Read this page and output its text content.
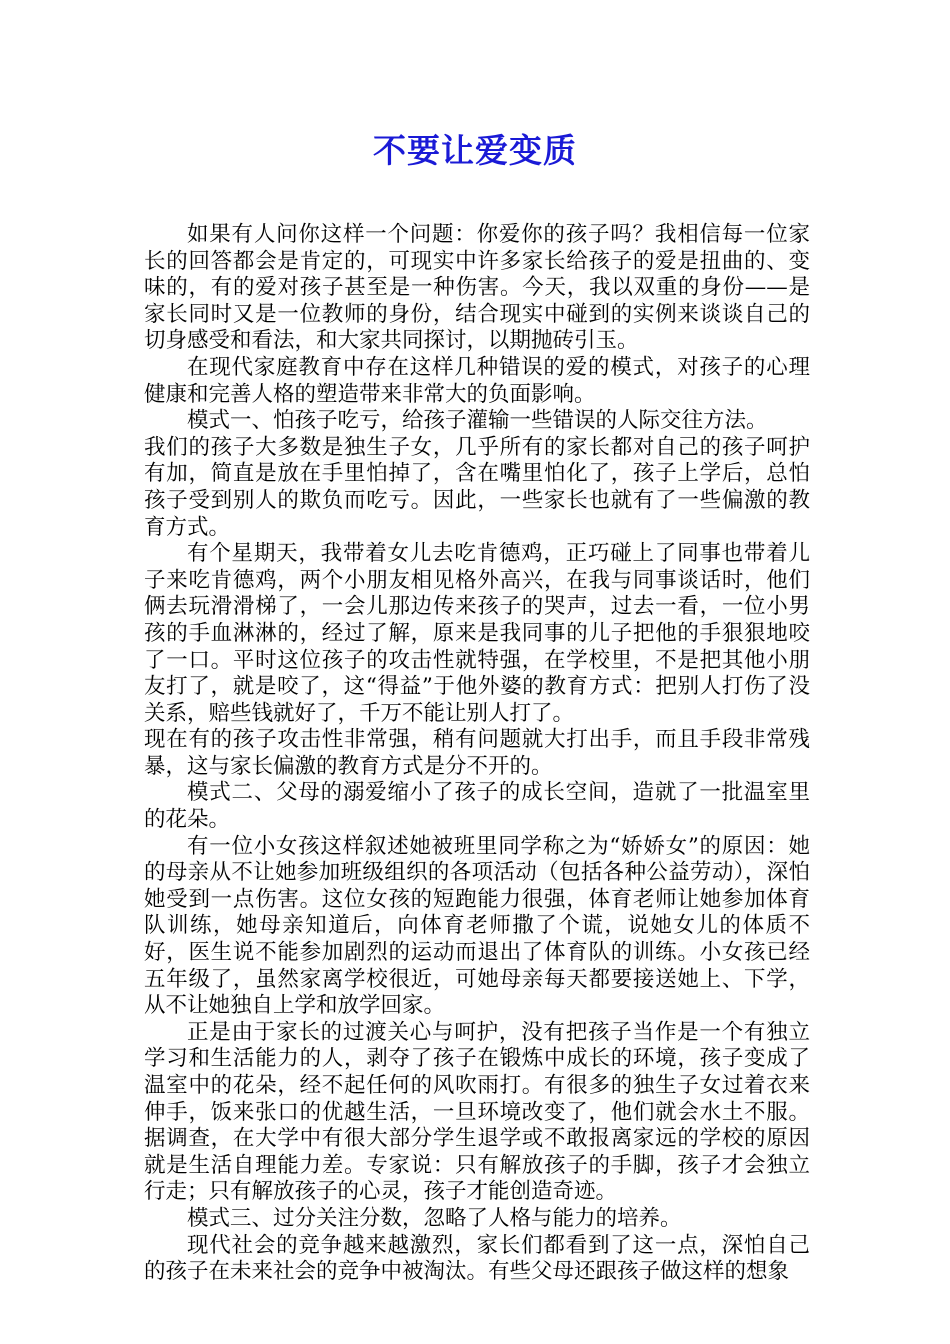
不要让爱变质

如果有人问你这样一个问题：你爱你的孩子吗？我相信每一位家长的回答都会是肯定的，可现实中许多家长给孩子的爱是扭曲的、变味的，有的爱对孩子甚至是一种伤害。今天，我以双重的身份——是家长同时又是一位教师的身份，结合现实中碰到的实例来谈谈自己的切身感受和看法，和大家共同探讨，以期抛砖引玉。

在现代家庭教育中存在这样几种错误的爱的模式，对孩子的心理健康和完善人格的塑造带来非常大的负面影响。

模式一、怕孩子吃亏，给孩子灌输一些错误的人际交往方法。

我们的孩子大多数是独生子女，几乎所有的家长都对自己的孩子呵护有加，简直是放在手里怕掉了，含在嘴里怕化了，孩子上学后，总怕孩子受到别人的欺负而吃亏。因此，一些家长也就有了一些偏激的教育方式。

有个星期天，我带着女儿去吃肯德鸡，正巧碰上了同事也带着儿子来吃肯德鸡，两个小朋友相见格外高兴，在我与同事谈话时，他们俩去玩滑滑梯了，一会儿那边传来孩子的哭声，过去一看，一位小男孩的手血淋淋的，经过了解，原来是我同事的儿子把他的手狠狠地咬了一口。平时这位孩子的攻击性就特强，在学校里，不是把其他小朋友打了，就是咬了，这“得益”于他外婆的教育方式：把别人打伤了没关系，赔些钱就好了，千万不能让别人打了。

现在有的孩子攻击性非常强，稍有问题就大打出手，而且手段非常残暴，这与家长偏激的教育方式是分不开的。

模式二、父母的溺爱缩小了孩子的成长空间，造就了一批温室里的花朵。

有一位小女孩这样叙述她被班里同学称之为“娇娇女”的原因：她的母亲从不让她参加班级组织的各项活动（包括各种公益劳动），深怕她受到一点伤害。这位女孩的短跑能力很强，体育老师让她参加体育队训练，她母亲知道后，向体育老师撒了个谎，说她女儿的体质不好，医生说不能参加剧烈的运动而退出了体育队的训练。小女孩已经五年级了，虽然家离学校很近，可她母亲每天都要接送她上、下学，从不让她独自上学和放学回家。

正是由于家长的过渡关心与呵护，没有把孩子当作是一个有独立学习和生活能力的人，剥夺了孩子在锻炼中成长的环境，孩子变成了温室中的花朵，经不起任何的风吹雨打。有很多的独生子女过着衣来伸手，饭来张口的优越生活，一旦环境改变了，他们就会水土不服。据调查，在大学中有很大部分学生退学或不敢报离家远的学校的原因就是生活自理能力差。专家说：只有解放孩子的手脚，孩子才会独立行走；只有解放孩子的心灵，孩子才能创造奇迹。

模式三、过分关注分数，忽略了人格与能力的培养。

现代社会的竞争越来越激烈，家长们都看到了这一点，深怕自己的孩子在未来社会的竞争中被淘汰。有些父母还跟孩子做这样的想象
